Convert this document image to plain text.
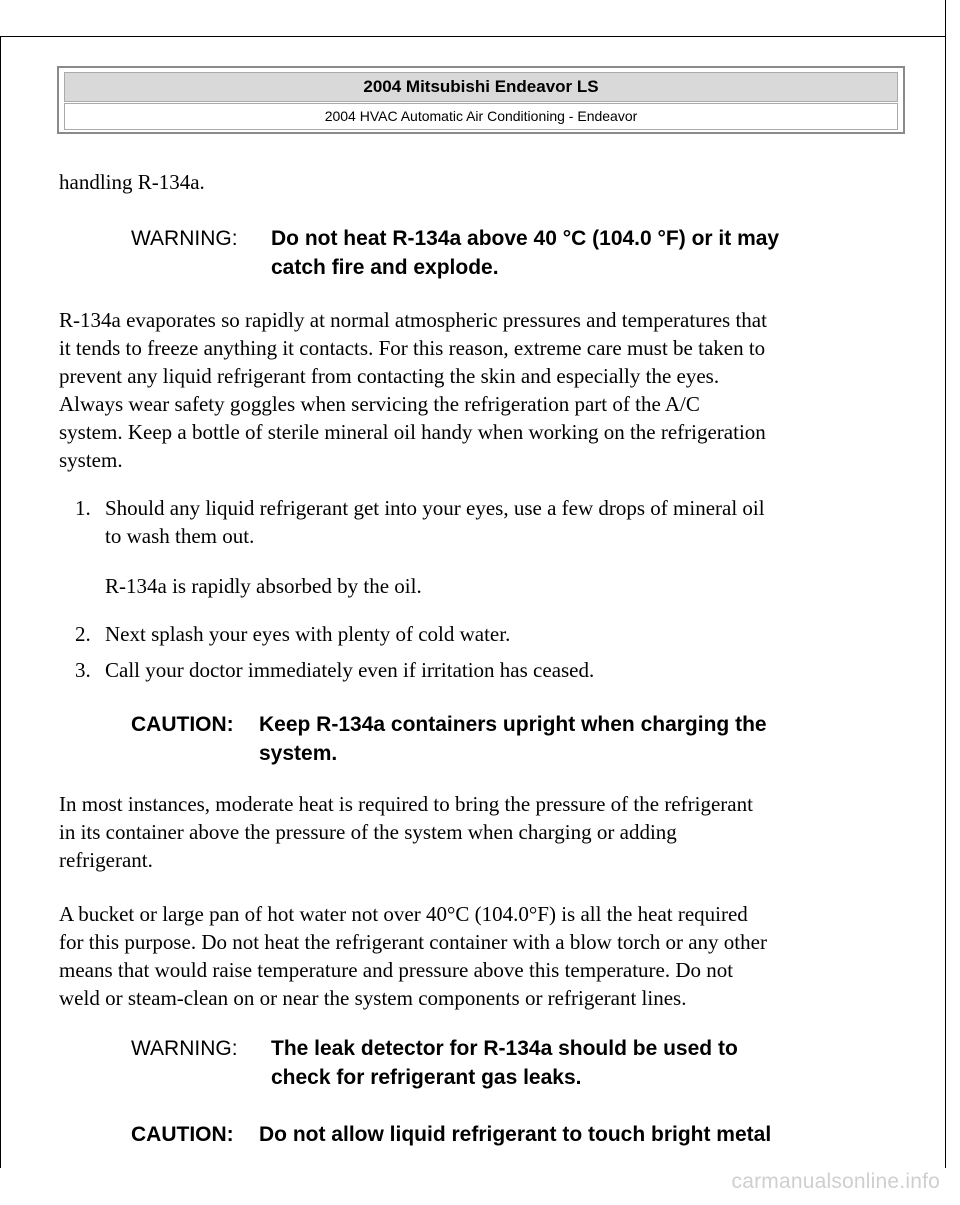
2004 Mitsubishi Endeavor LS
2004 HVAC Automatic Air Conditioning - Endeavor
handling R-134a.
WARNING: Do not heat R-134a above 40 °C (104.0 °F) or it may
catch fire and explode.
R-134a evaporates so rapidly at normal atmospheric pressures and temperatures that
it tends to freeze anything it contacts. For this reason, extreme care must be taken to
prevent any liquid refrigerant from contacting the skin and especially the eyes.
Always wear safety goggles when servicing the refrigeration part of the A/C
system. Keep a bottle of sterile mineral oil handy when working on the refrigeration
system.
1. Should any liquid refrigerant get into your eyes, use a few drops of mineral oil
to wash them out.
R-134a is rapidly absorbed by the oil.
2. Next splash your eyes with plenty of cold water.
3. Call your doctor immediately even if irritation has ceased.
CAUTION: Keep R-134a containers upright when charging the
system.
In most instances, moderate heat is required to bring the pressure of the refrigerant
in its container above the pressure of the system when charging or adding
refrigerant.
A bucket or large pan of hot water not over 40°C (104.0°F) is all the heat required
for this purpose. Do not heat the refrigerant container with a blow torch or any other
means that would raise temperature and pressure above this temperature. Do not
weld or steam-clean on or near the system components or refrigerant lines.
WARNING: The leak detector for R-134a should be used to
check for refrigerant gas leaks.
CAUTION: Do not allow liquid refrigerant to touch bright metal
carmanualsonline.info
